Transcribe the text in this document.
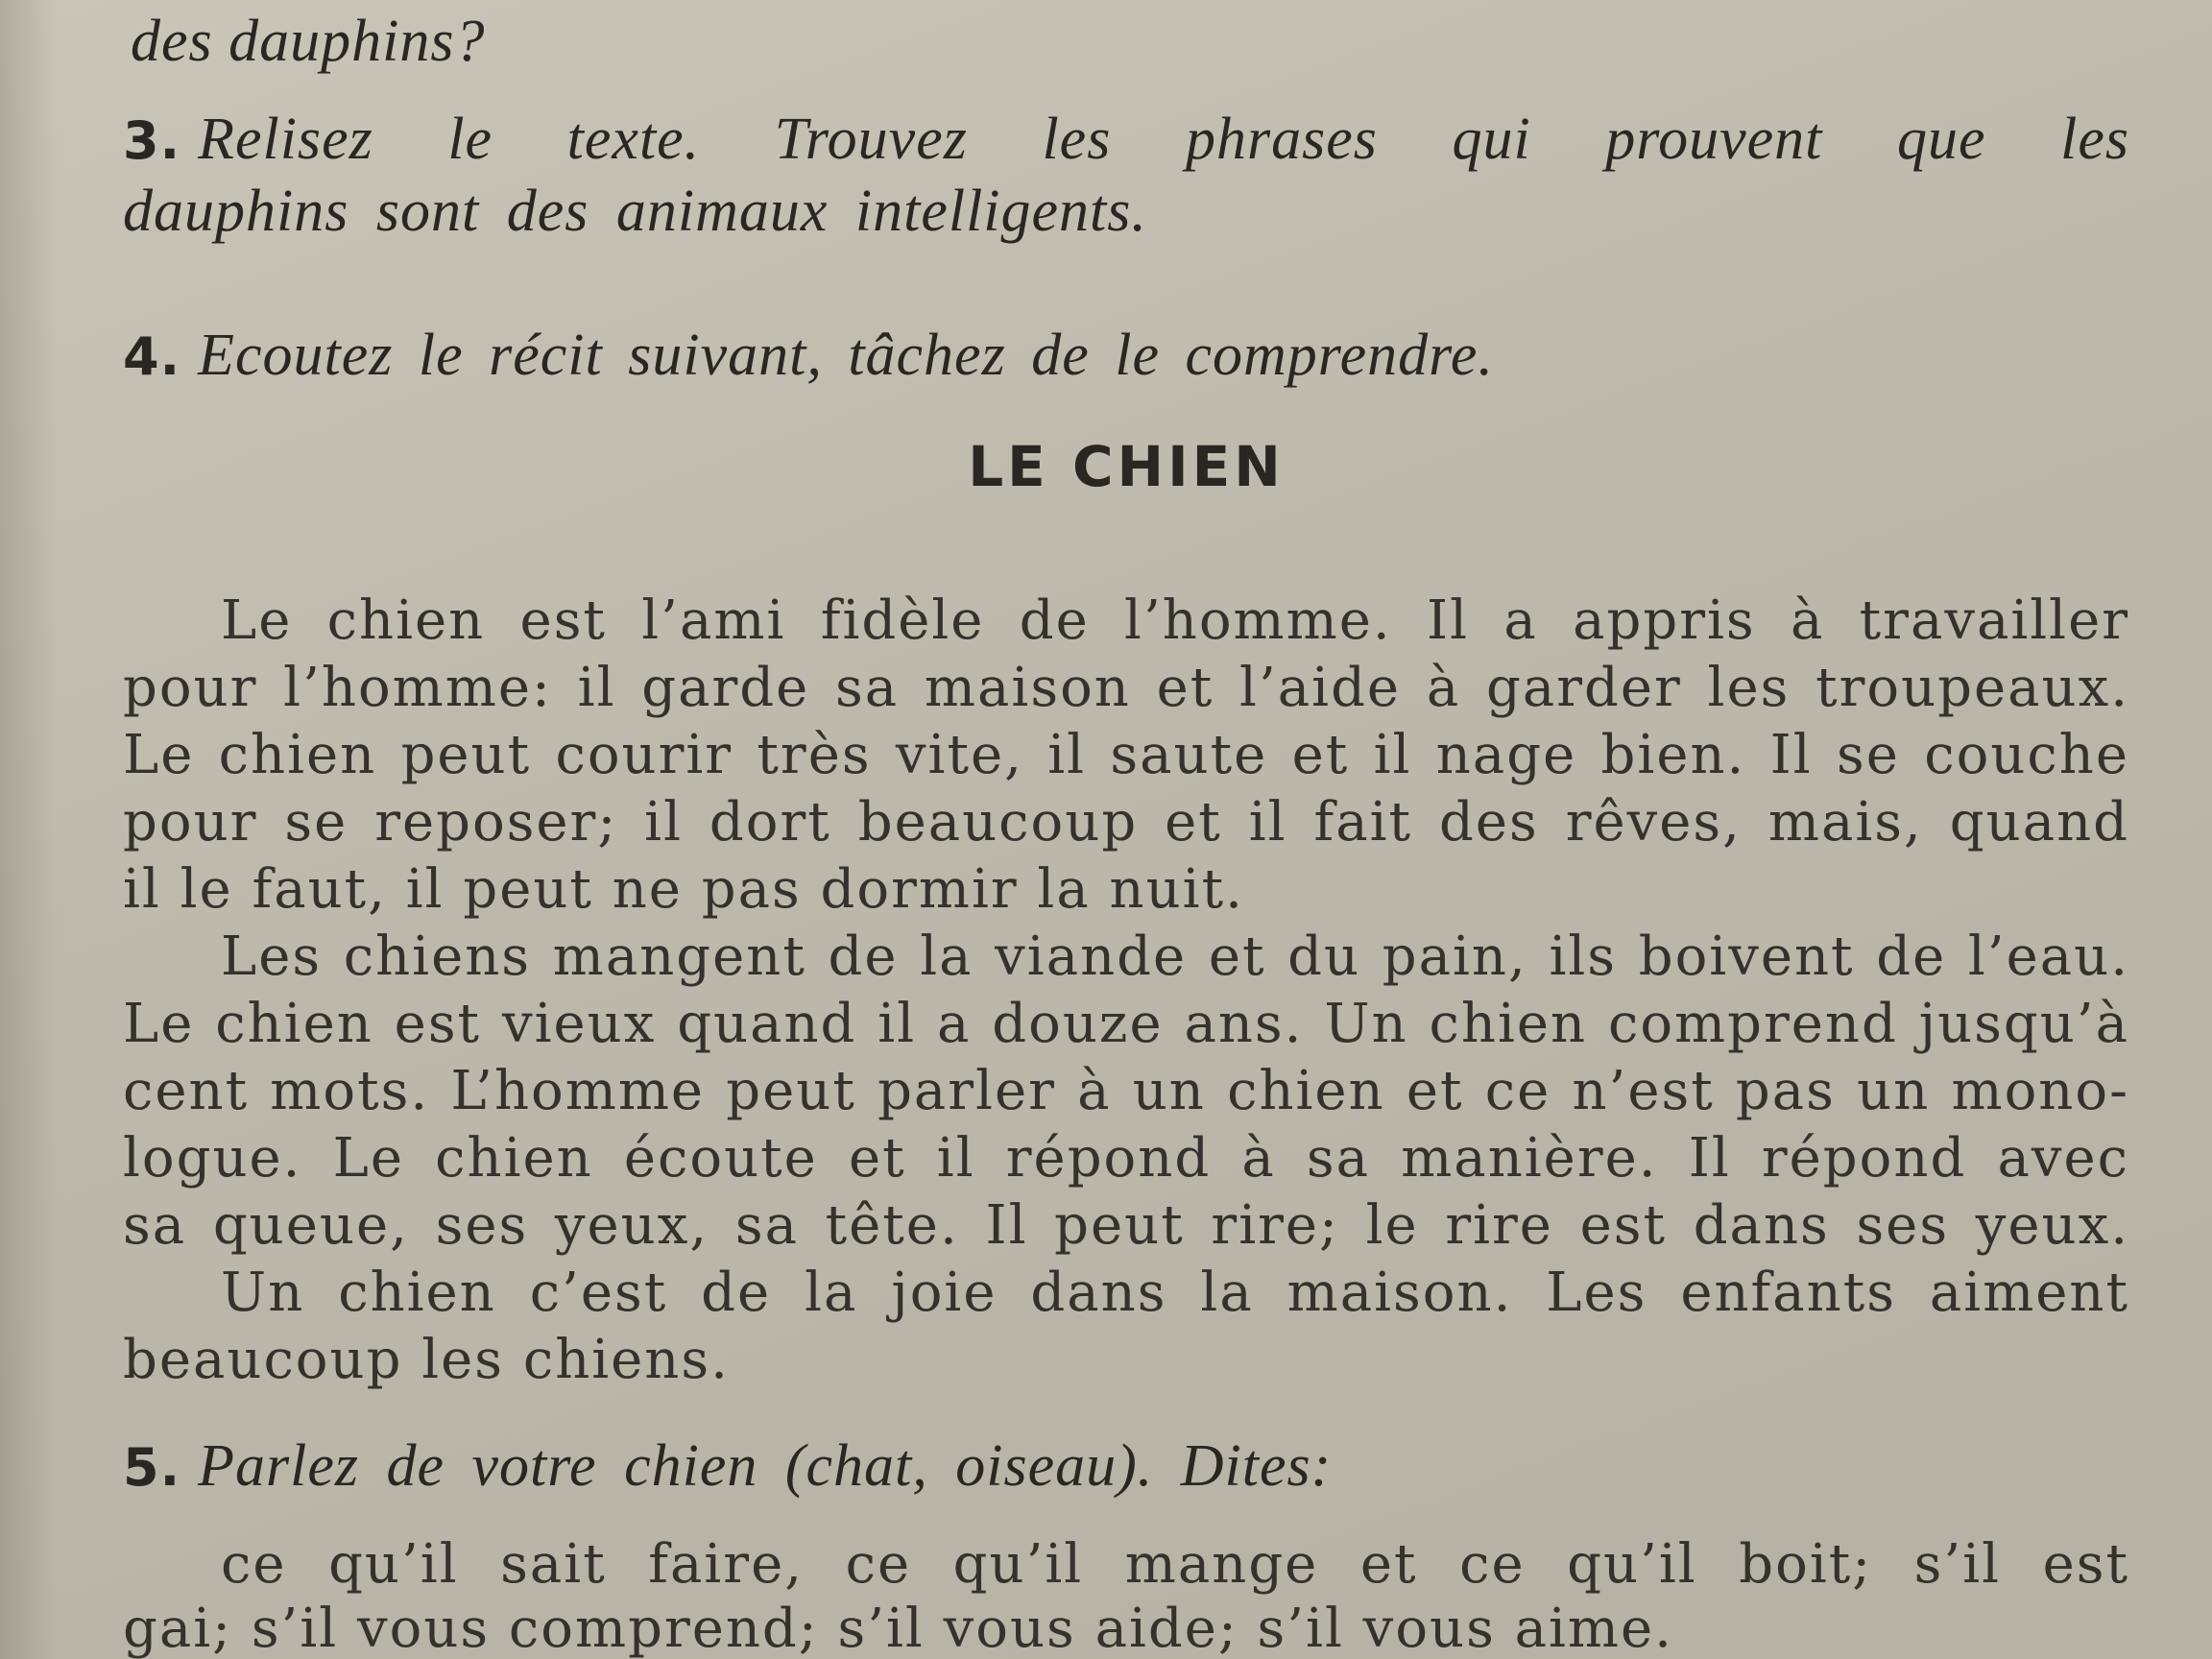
des dauphins?
3. Relisez le texte. Trouvez les phrases qui prouvent que les
dauphins sont des animaux intelligents.
4. Ecoutez le récit suivant, tâchez de le comprendre.
LE CHIEN
Le chien est l’ami fidèle de l’homme. Il a appris à travailler
pour l’homme: il garde sa maison et l’aide à garder les troupeaux.
Le chien peut courir très vite, il saute et il nage bien. Il se couche
pour se reposer; il dort beaucoup et il fait des rêves, mais, quand
il le faut, il peut ne pas dormir la nuit.
Les chiens mangent de la viande et du pain, ils boivent de l’eau.
Le chien est vieux quand il a douze ans. Un chien comprend jusqu’à
cent mots. L’homme peut parler à un chien et ce n’est pas un mono-
logue. Le chien écoute et il répond à sa manière. Il répond avec
sa queue, ses yeux, sa tête. Il peut rire; le rire est dans ses yeux.
Un chien c’est de la joie dans la maison. Les enfants aiment
beaucoup les chiens.
5. Parlez de votre chien (chat, oiseau). Dites:
ce qu’il sait faire, ce qu’il mange et ce qu’il boit; s’il est
gai; s’il vous comprend; s’il vous aide; s’il vous aime.
